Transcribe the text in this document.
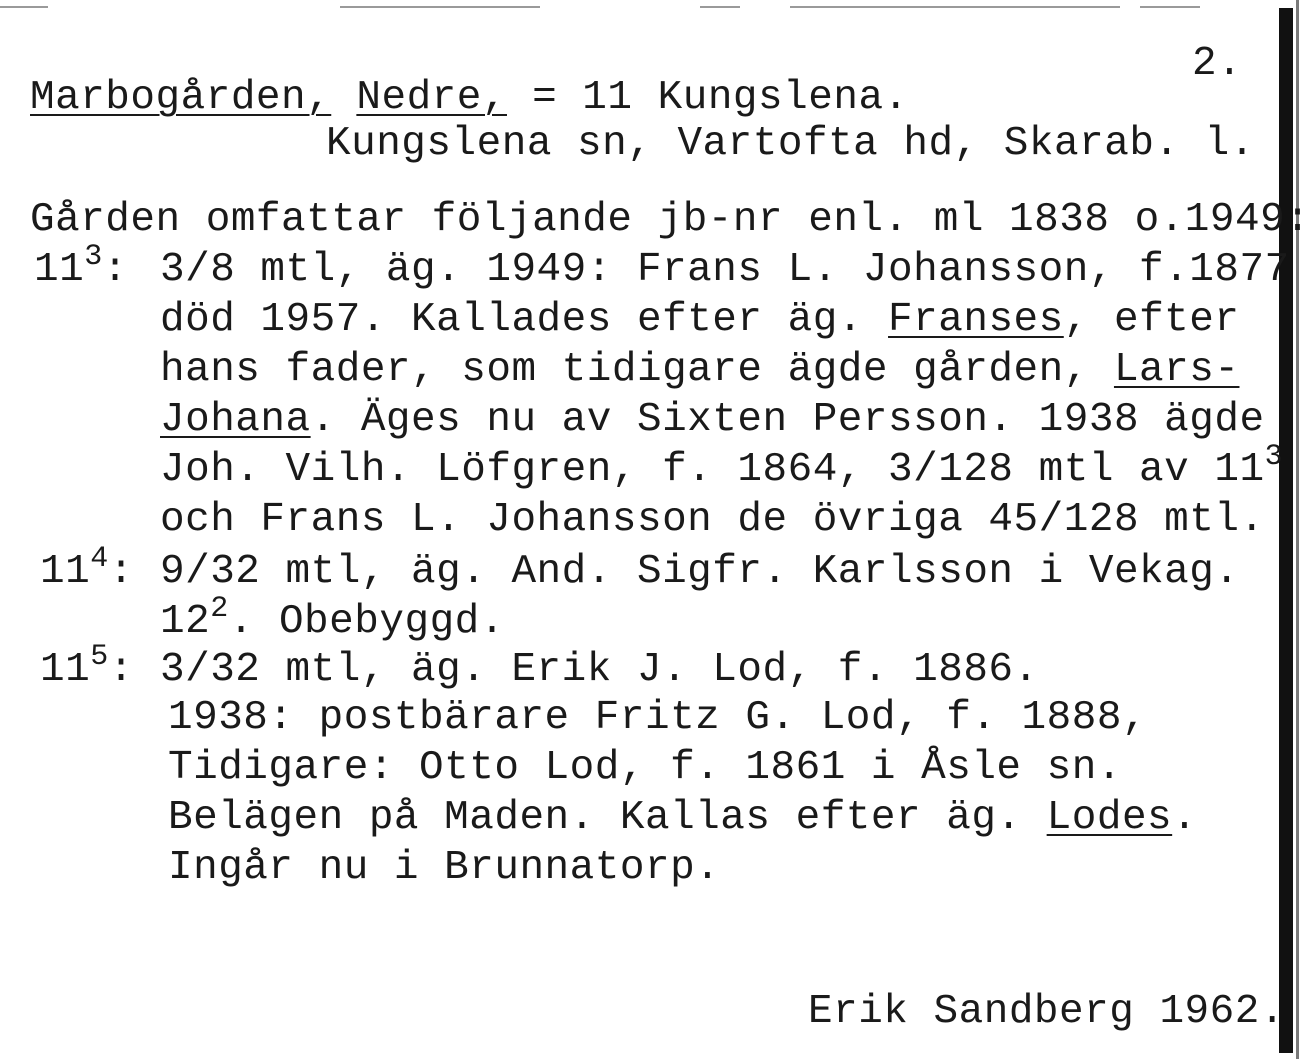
2.
Marbogården, Nedre, = 11 Kungslena.
Kungslena sn, Vartofta hd, Skarab. l.
Gården omfattar följande jb-nr enl. ml 1838 o.1949:
$11^3$: 3/8 mtl, äg. 1949: Frans L. Johansson, f.1877
död 1957. Kallades efter äg. Franses, efter
hans fader, som tidigare ägde gården, Lars-
Johana. Äges nu av Sixten Persson. 1938 ägde
Joh. Vilh. Löfgren, f. 1864, 3/128 mtl av $11^3$
och Frans L. Johansson de övriga 45/128 mtl.
$11^4$: 9/32 mtl, äg. And. Sigfr. Karlsson i Vekag.
$12^2$. Obebyggd.
$11^5$: 3/32 mtl, äg. Erik J. Lod, f. 1886.
1938: postbärare Fritz G. Lod, f. 1888,
Tidigare: Otto Lod, f. 1861 i Åsle sn.
Belägen på Maden. Kallas efter äg. Lodes.
Ingår nu i Brunnatorp.
Erik Sandberg 1962.
